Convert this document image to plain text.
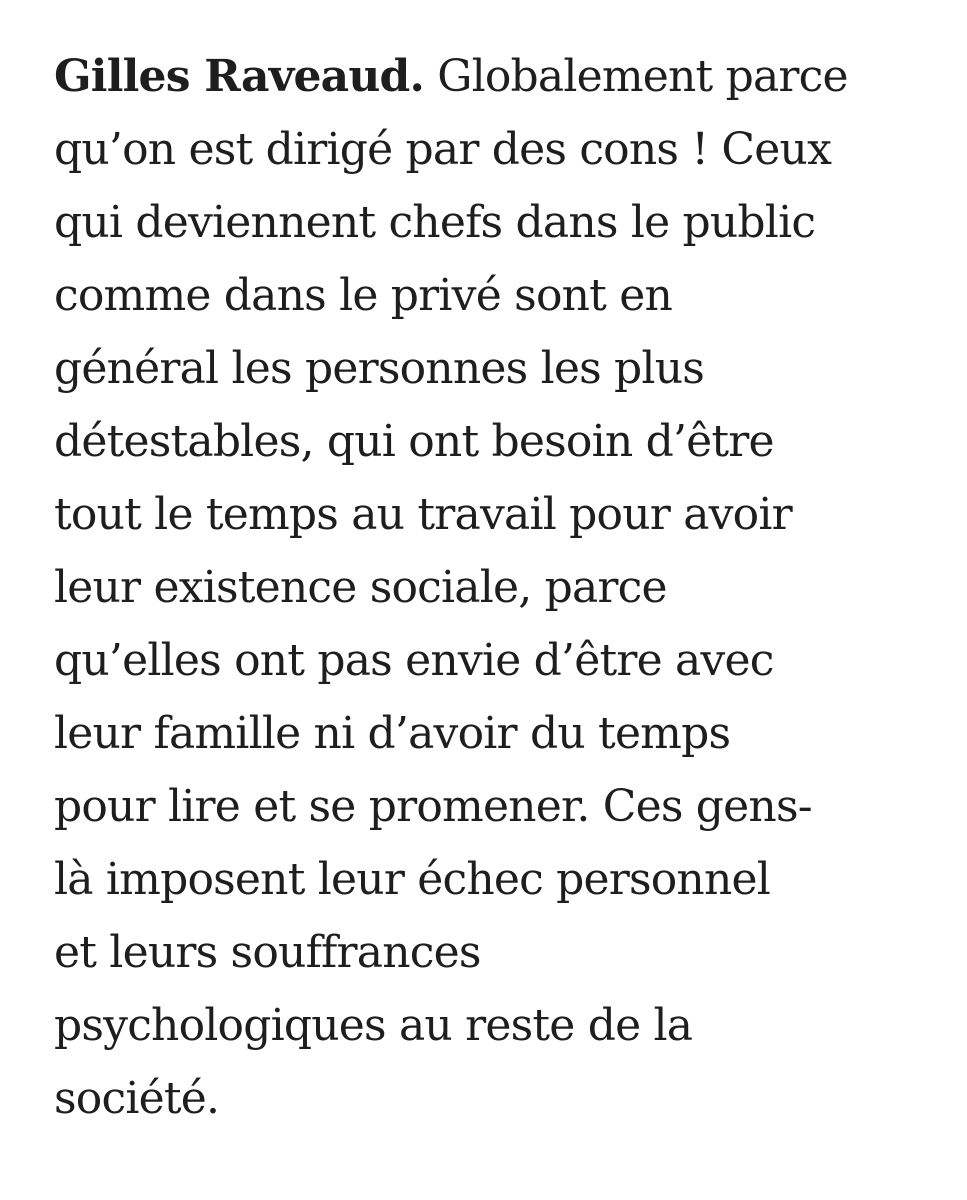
Gilles Raveaud. Globalement parce
qu’on est dirigé par des cons ! Ceux
qui deviennent chefs dans le public
comme dans le privé sont en
général les personnes les plus
détestables, qui ont besoin d’être
tout le temps au travail pour avoir
leur existence sociale, parce
qu’elles ont pas envie d’être avec
leur famille ni d’avoir du temps
pour lire et se promener. Ces gens-
là imposent leur échec personnel
et leurs souffrances
psychologiques au reste de la
société.
